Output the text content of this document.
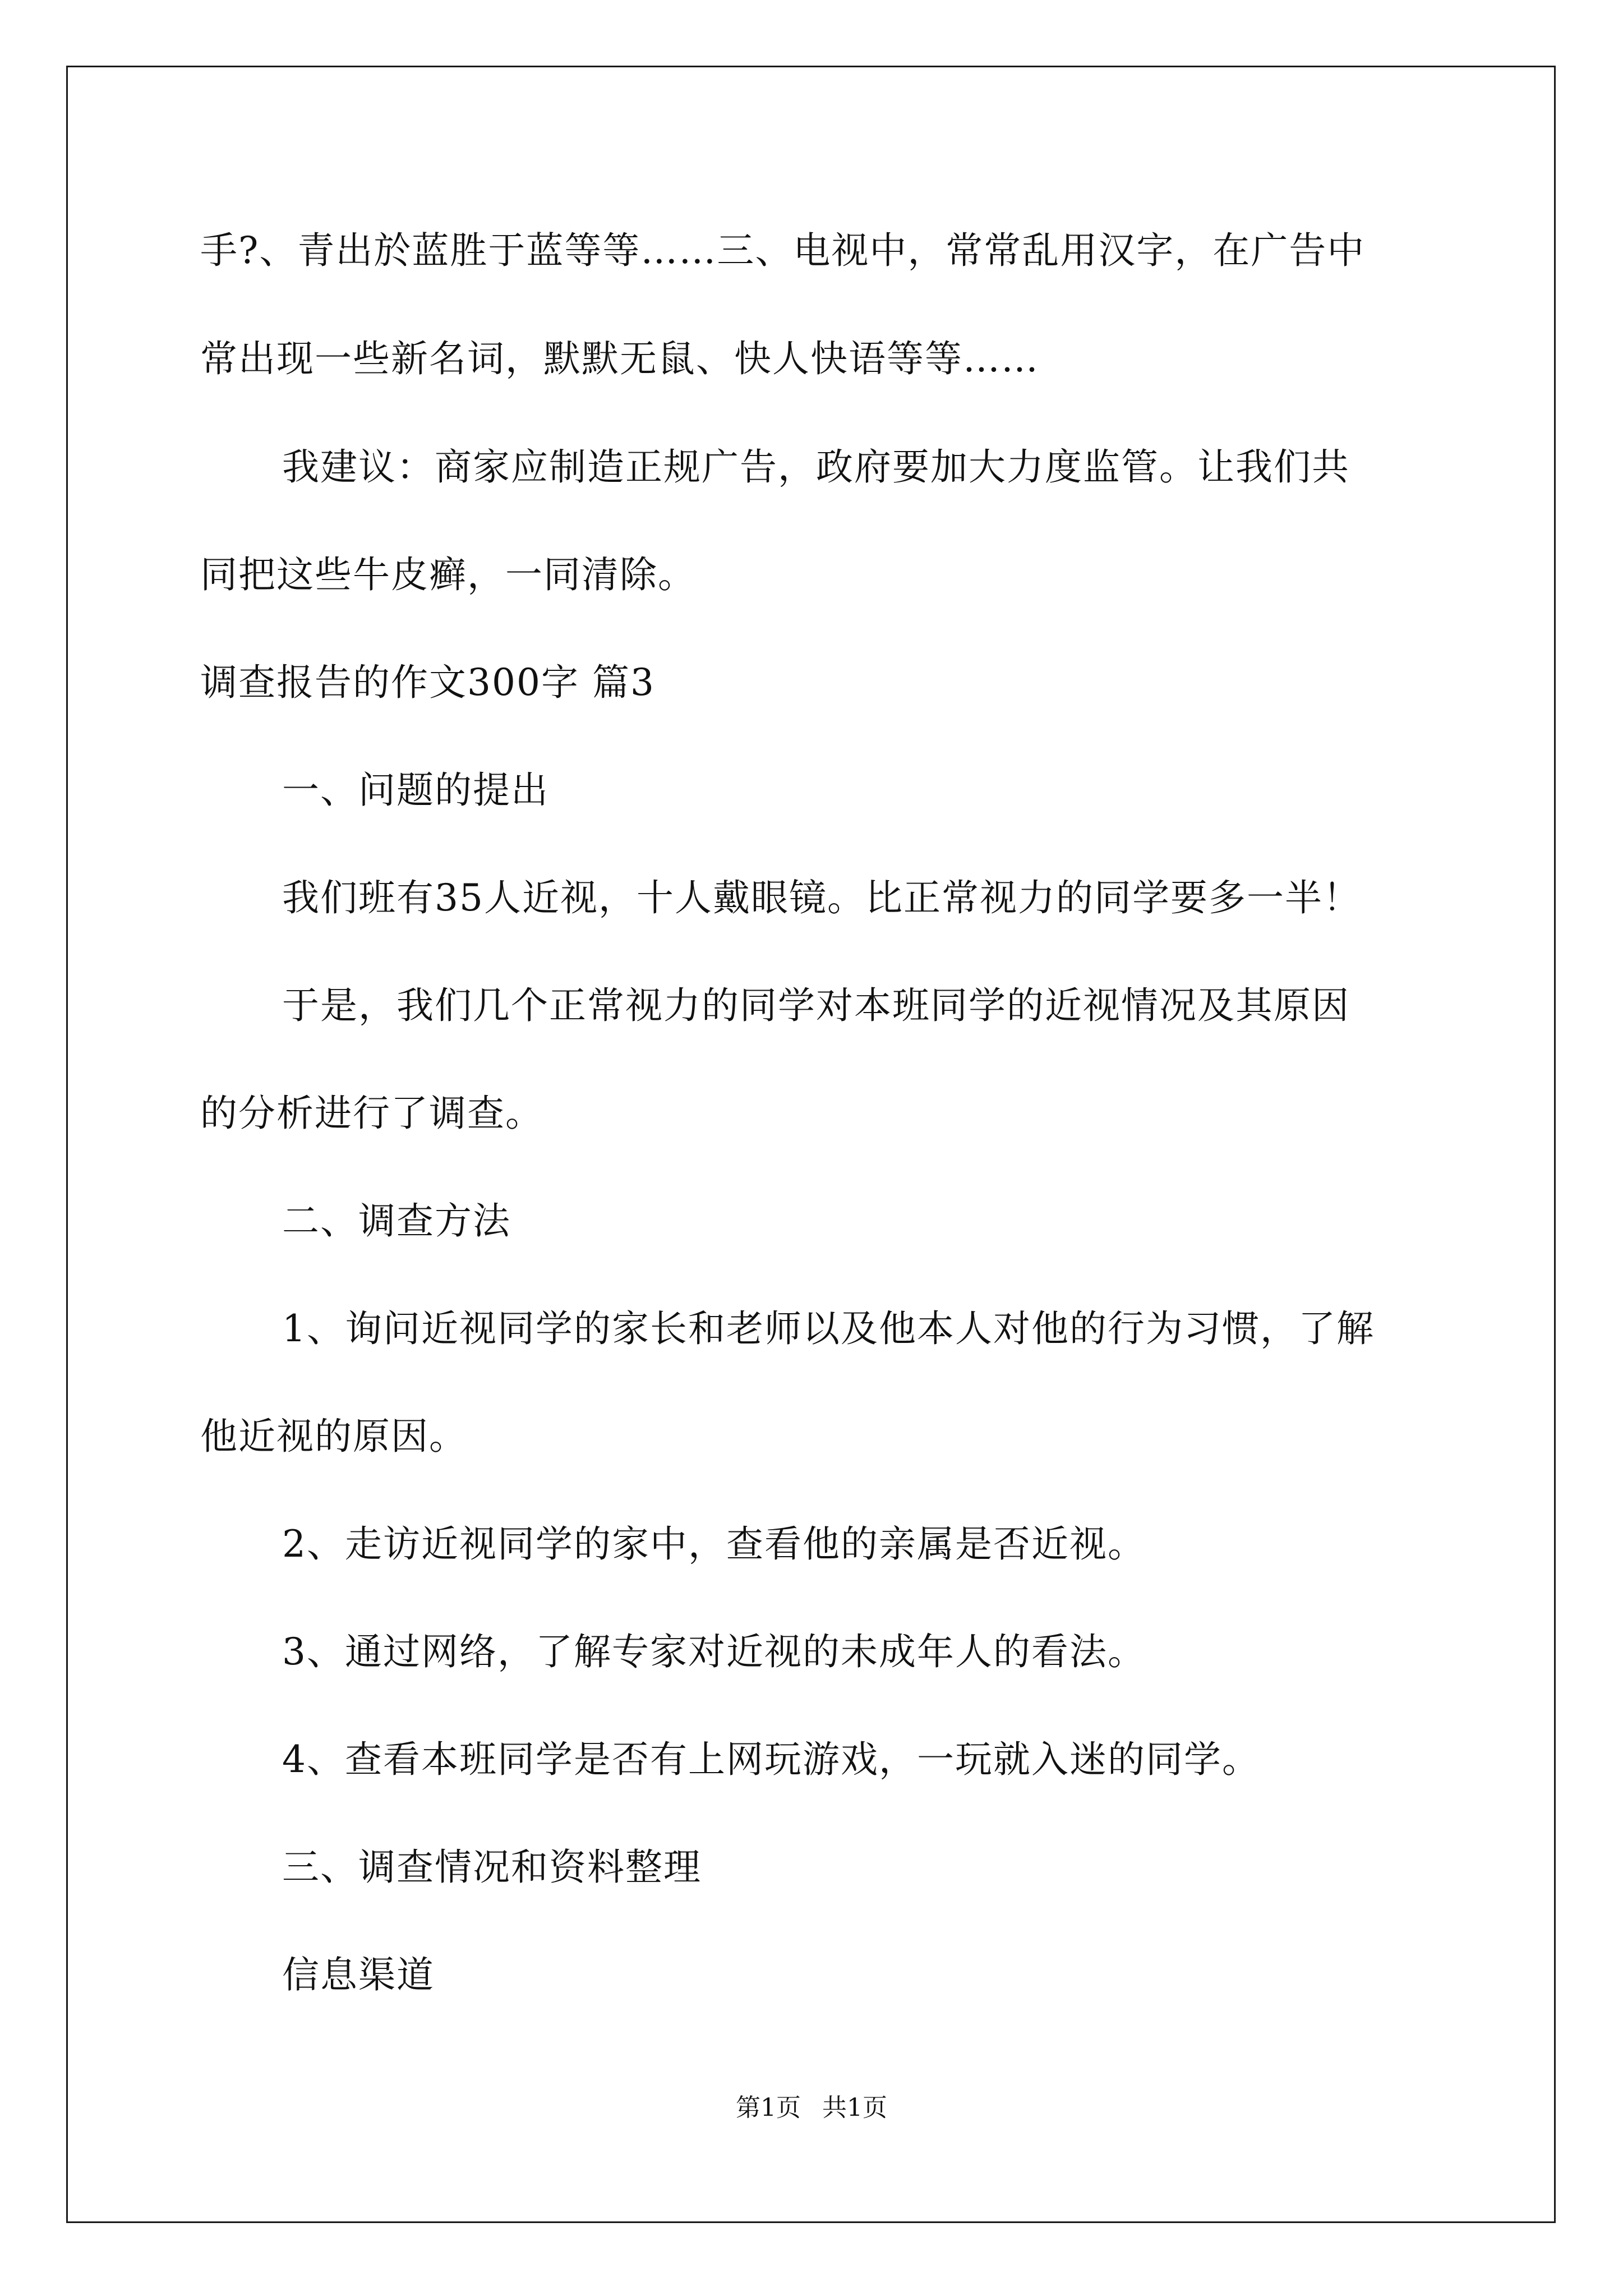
手?、青出於蓝胜于蓝等等……三、电视中，常常乱用汉字，在广告中
常出现一些新名词，默默无鼠、快人快语等等……
我建议：商家应制造正规广告，政府要加大力度监管。让我们共
同把这些牛皮癣，一同清除。
调查报告的作文300字 篇3
一、问题的提出
我们班有35人近视，十人戴眼镜。比正常视力的同学要多一半！
于是，我们几个正常视力的同学对本班同学的近视情况及其原因
的分析进行了调查。
二、调查方法
1、询问近视同学的家长和老师以及他本人对他的行为习惯，了解
他近视的原因。
2、走访近视同学的家中，查看他的亲属是否近视。
3、通过网络，了解专家对近视的未成年人的看法。
4、查看本班同学是否有上网玩游戏，一玩就入迷的同学。
三、调查情况和资料整理
信息渠道
第1页 共1页
